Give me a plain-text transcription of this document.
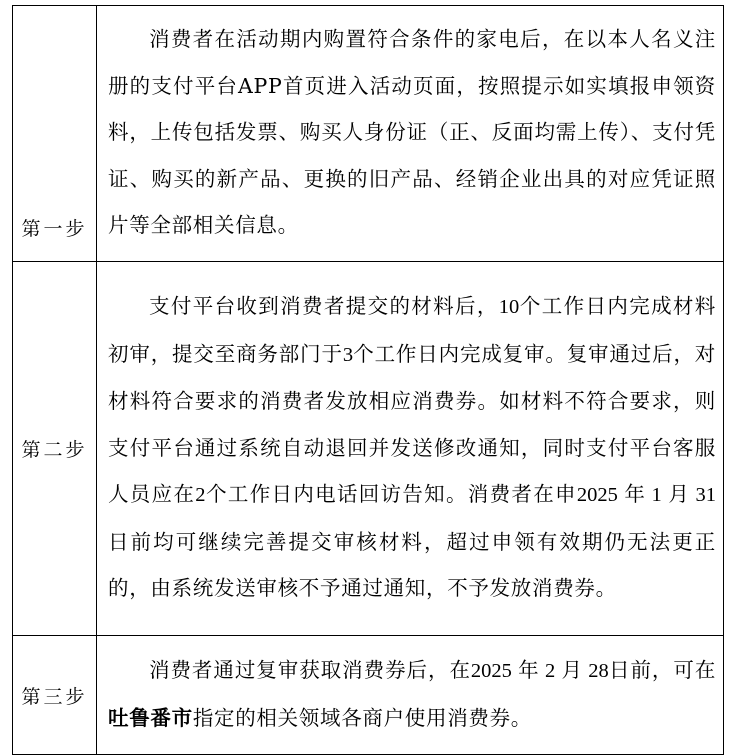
第一步	消费者在活动期内购置符合条件的家电后，在以本人名义注册的支付平台APP首页进入活动页面，按照提示如实填报申领资料，上传包括发票、购买人身份证（正、反面均需上传）、支付凭证、购买的新产品、更换的旧产品、经销企业出具的对应凭证照片等全部相关信息。
第二步	支付平台收到消费者提交的材料后，10个工作日内完成材料初审，提交至商务部门于3个工作日内完成复审。复审通过后，对材料符合要求的消费者发放相应消费券。如材料不符合要求，则支付平台通过系统自动退回并发送修改通知，同时支付平台客服人员应在2个工作日内电话回访告知。消费者在申2025 年 1 月 31日前均可继续完善提交审核材料，超过申领有效期仍无法更正的，由系统发送审核不予通过通知，不予发放消费券。
第三步	消费者通过复审获取消费券后，在2025 年 2 月 28日前，可在吐鲁番市指定的相关领域各商户使用消费券。
